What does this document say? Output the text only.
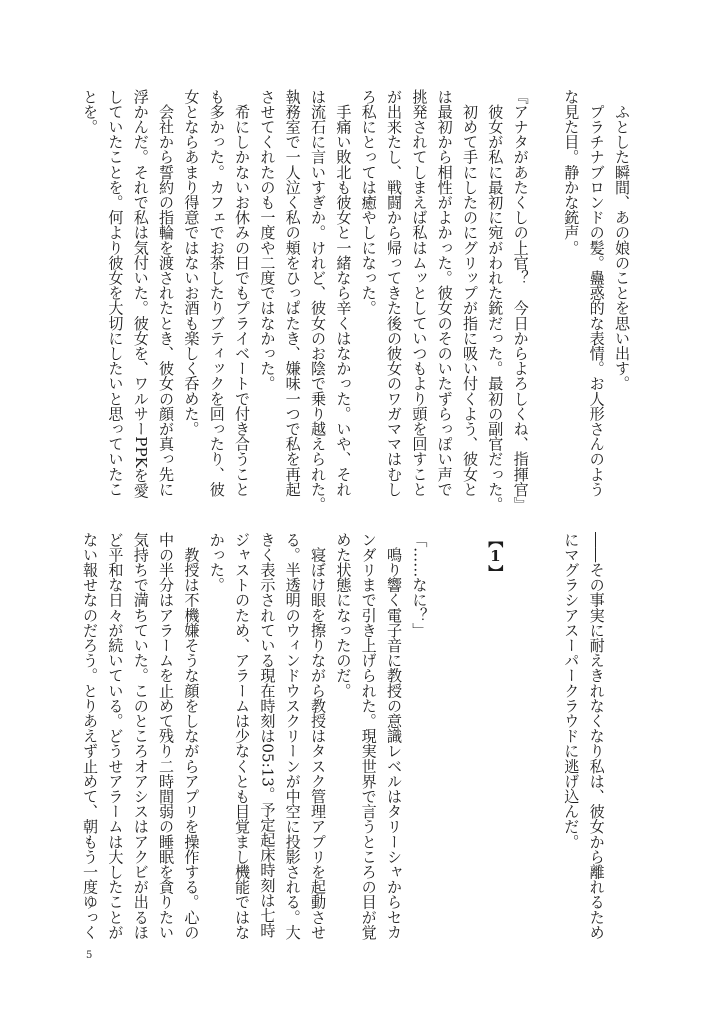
　ふとした瞬間、あの娘のことを思い出す。
　プラチナブロンドの髪。蠱惑的な表情。お人形さんのよう
な見た目。静かな銃声。
『アナタがあたくしの上官？　今日からよろしくね、指揮官』
　彼女が私に最初に宛がわれた銃だった。最初の副官だった。
　初めて手にしたのにグリップが指に吸い付くよう、彼女と
は最初から相性がよかった。彼女のそのいたずらっぽい声で
挑発されてしまえば私はムッとしていつもより頭を回すこと
が出来たし、戦闘から帰ってきた後の彼女のワガママはむし
ろ私にとっては癒やしになった。
　手痛い敗北も彼女と一緒なら辛くはなかった。いや、それ
は流石に言いすぎか。けれど、彼女のお陰で乗り越えられた。
執務室で一人泣く私の頬をひっぱたき、嫌味一つで私を再起
させてくれたのも一度や二度ではなかった。
　希にしかないお休みの日でもプライベートで付き合うこと
も多かった。カフェでお茶したりブティックを回ったり、彼
女とならあまり得意ではないお酒も楽しく呑めた。
　会社から誓約の指輪を渡されたとき、彼女の顔が真っ先に
浮かんだ。それで私は気付いた。彼女を、ワルサーPPKを愛
していたことを。何より彼女を大切にしたいと思っていたこ
とを。
――その事実に耐えきれなくなり私は、彼女から離れるため
にマグラシアスーパークラウドに逃げ込んだ。
【1】
「……なに？」
　鳴り響く電子音に教授の意識レベルはタリーシャからセカ
ンダリまで引き上げられた。現実世界で言うところの目が覚
めた状態になったのだ。
　寝ぼけ眼を擦りながら教授はタスク管理アプリを起動させ
る。半透明のウィンドウスクリーンが中空に投影される。大
きく表示されている現在時刻は05:13。予定起床時刻は七時
ジャストのため、アラームは少なくとも目覚まし機能ではな
かった。
　教授は不機嫌そうな顔をしながらアプリを操作する。心の
中の半分はアラームを止めて残り二時間弱の睡眠を貪りたい
気持ちで満ちていた。このところオアシスはアクビが出るほ
ど平和な日々が続いている。どうせアラームは大したことが
ない報せなのだろう。とりあえず止めて、朝もう一度ゆっく
5
